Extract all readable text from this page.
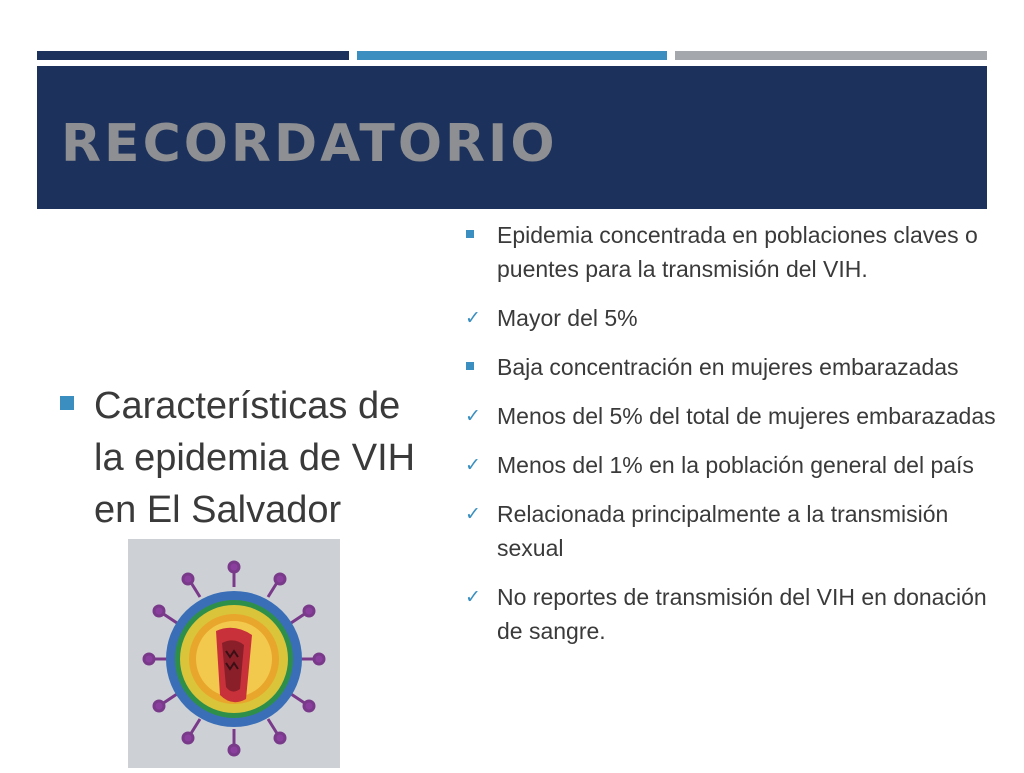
RECORDATORIO
Características de la epidemia de VIH en El Salvador
Epidemia concentrada en poblaciones claves o puentes para la transmisión del VIH.
✓ Mayor del 5%
Baja concentración en mujeres embarazadas
✓ Menos del 5% del total de mujeres embarazadas
✓ Menos del 1% en la población general del país
✓ Relacionada principalmente a la transmisión sexual
✓ No reportes de transmisión del VIH en donación de sangre.
